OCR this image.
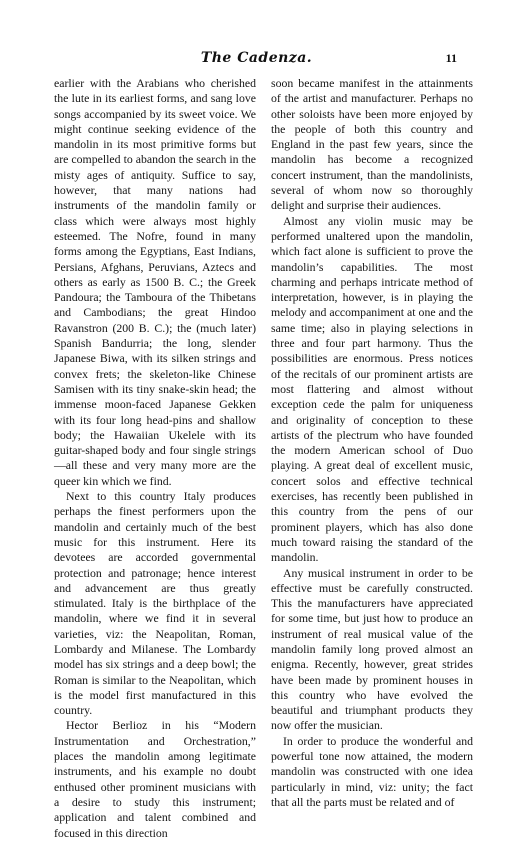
The Cadenza.	11

earlier with the Arabians who cherished the lute in its earliest forms, and sang love songs accompanied by its sweet voice. We might continue seeking evidence of the mandolin in its most primitive forms but are compelled to abandon the search in the misty ages of antiquity. Suffice to say, however, that many nations had instruments of the mandolin family or class which were always most highly esteemed. The Nofre, found in many forms among the Egyptians, East Indians, Persians, Afghans, Peruvians, Aztecs and others as early as 1500 B. C.; the Greek Pandoura; the Tamboura of the Thibetans and Cambodians; the great Hindoo Ravanstron (200 B. C.); the (much later) Spanish Bandurria; the long, slender Japanese Biwa, with its silken strings and convex frets; the skeleton-like Chinese Samisen with its tiny snake-skin head; the immense moon-faced Japanese Gekken with its four long head-pins and shallow body; the Hawaiian Ukelele with its guitar-shaped body and four single strings—all these and very many more are the queer kin which we find.

Next to this country Italy produces perhaps the finest performers upon the mandolin and certainly much of the best music for this instrument. Here its devotees are accorded governmental protection and patronage; hence interest and advancement are thus greatly stimulated. Italy is the birthplace of the mandolin, where we find it in several varieties, viz: the Neapolitan, Roman, Lombardy and Milanese. The Lombardy model has six strings and a deep bowl; the Roman is similar to the Neapolitan, which is the model first manufactured in this country.

Hector Berlioz in his “Modern Instrumentation and Orchestration,” places the mandolin among legitimate instruments, and his example no doubt enthused other prominent musicians with a desire to study this instrument; application and talent combined and focused in this direction

soon became manifest in the attainments of the artist and manufacturer. Perhaps no other soloists have been more enjoyed by the people of both this country and England in the past few years, since the mandolin has become a recognized concert instrument, than the mandolinists, several of whom now so thoroughly delight and surprise their audiences.

Almost any violin music may be performed unaltered upon the mandolin, which fact alone is sufficient to prove the mandolin’s capabilities. The most charming and perhaps intricate method of interpretation, however, is in playing the melody and accompaniment at one and the same time; also in playing selections in three and four part harmony. Thus the possibilities are enormous. Press notices of the recitals of our prominent artists are most flattering and almost without exception cede the palm for uniqueness and originality of conception to these artists of the plectrum who have founded the modern American school of Duo playing. A great deal of excellent music, concert solos and effective technical exercises, has recently been published in this country from the pens of our prominent players, which has also done much toward raising the standard of the mandolin.

Any musical instrument in order to be effective must be carefully constructed. This the manufacturers have appreciated for some time, but just how to produce an instrument of real musical value of the mandolin family long proved almost an enigma. Recently, however, great strides have been made by prominent houses in this country who have evolved the beautiful and triumphant products they now offer the musician.

In order to produce the wonderful and powerful tone now attained, the modern mandolin was constructed with one idea particularly in mind, viz: unity; the fact that all the parts must be related and of
